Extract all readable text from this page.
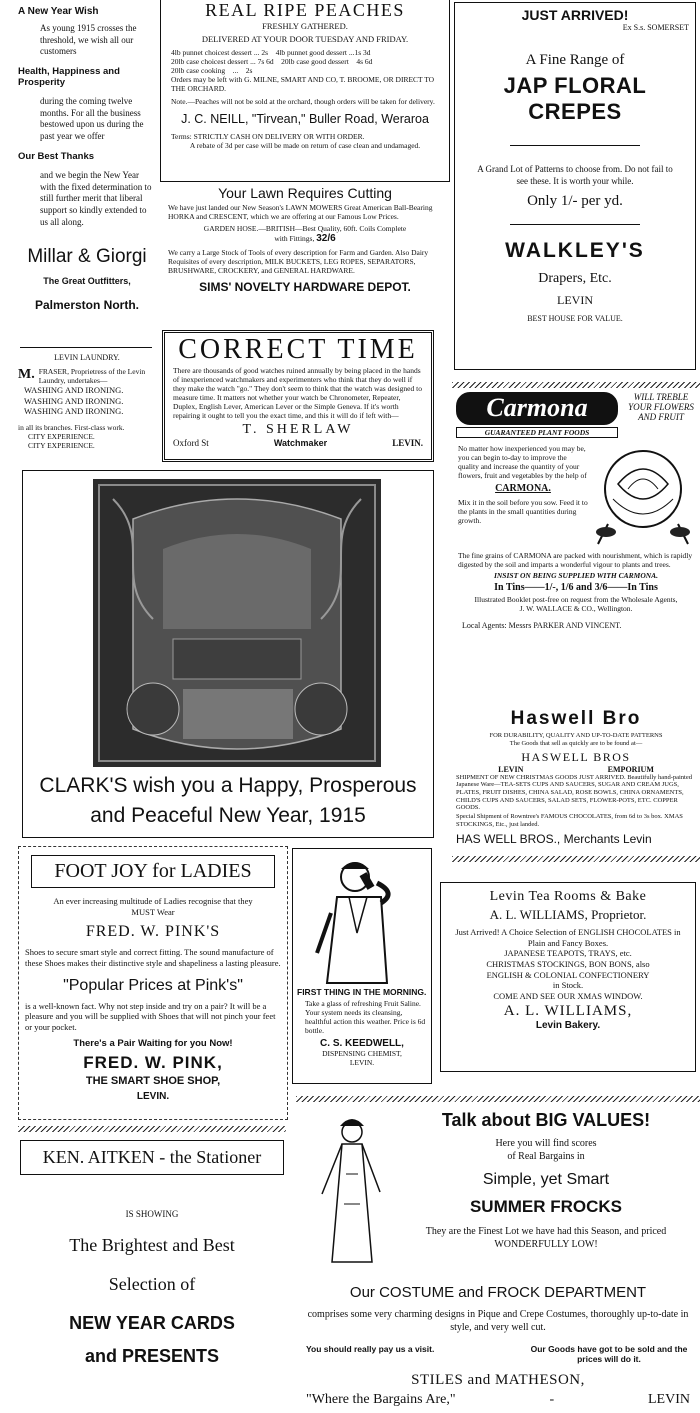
A New Year Wish

As young 1915 crosses the threshold, we wish all our customers

Health, Happiness and Prosperity

during the coming twelve months. For all the business bestowed upon us during the past year we offer

Our Best Thanks

and we begin the New Year with the fixed determination to still further merit that liberal support so kindly extended to us all along.

Millar & Giorgi

The Great Outfitters,

Palmerston North.

LEVIN LAUNDRY.

M. FRASER, Proprietress of the Levin Laundry, undertakes—

WASHING AND IRONING.

WASHING AND IRONING.

WASHING AND IRONING.

in all its branches. First-class work.

CITY EXPERIENCE.

CITY EXPERIENCE.

REAL RIPE PEACHES

FRESHLY GATHERED.

DELIVERED AT YOUR DOOR TUESDAY AND FRIDAY.

4lb punnet choicest dessert ... 2s    4lb punnet good dessert ...1s 3d

20lb case choicest dessert ... 7s 6d    20lb case good dessert    4s 6d

20lb case cooking    ...    2s

Orders may be left with G. MILNE, SMART AND CO, T. BROOME, OR DIRECT TO THE ORCHARD.

Note.—Peaches will not be sold at the orchard, though orders will be taken for delivery.

J. C. NEILL, "Tirvean," Buller Road, Weraroa

Terms: STRICTLY CASH ON DELIVERY OR WITH ORDER.

A rebate of 3d per case will be made on return of case clean and undamaged.

Your Lawn Requires Cutting

We have just landed our New Season's LAWN MOWERS Great American Ball-Bearing HORKA and CRESCENT, which we are offering at our Famous Low Prices.

GARDEN HOSE.—BRITISH—Best Quality, 60ft. Coils Complete with Fittings, 32/6

We carry a Large Stock of Tools of every description for Farm and Garden. Also Dairy Requisites of every description, MILK BUCKETS, LEG ROPES, SEPARATORS, BRUSHWARE, CROCKERY, and GENERAL HARDWARE.

SIMS' NOVELTY HARDWARE DEPOT.

CORRECT TIME

There are thousands of good watches ruined annually by being placed in the hands of inexperienced watchmakers and experimenters who think that they do well if they make the watch "go." They don't seem to think that the watch was designed to measure time. It matters not whether your watch be Chronometer, Repeater, Duplex, English Lever, American Lever or the Simple Geneva. If it's worth repairing it ought to tell you the exact time, and this it will do if left with—

T. SHERLAW

Oxford St	Watchmaker	LEVIN.

CLARK'S wish you a Happy, Prosperous
and Peaceful New Year, 1915

JUST ARRIVED!

Ex S.s. SOMERSET

A Fine Range of

JAP FLORAL CREPES

A Grand Lot of Patterns to choose from. Do not fail to see these. It is worth your while.

Only 1/- per yd.

WALKLEY'S

Drapers, Etc.

LEVIN

BEST HOUSE FOR VALUE.

Carmona

GUARANTEED PLANT FOODS

WILL TREBLE YOUR FLOWERS AND FRUIT

No matter how inexperienced you may be, you can begin to-day to improve the quality and increase the quantity of your flowers, fruit and vegetables by the help of

CARMONA.

Mix it in the soil before you sow. Feed it to the plants in the small quantities during growth.

The fine grains of CARMONA are packed with nourishment, which is rapidly digested by the soil and imparts a wonderful vigour to plants and trees.

INSIST ON BEING SUPPLIED WITH CARMONA.

In Tins——1/-, 1/6 and 3/6——In Tins

Illustrated Booklet post-free on request from the Wholesale Agents,

J. W. WALLACE & CO., Wellington.

Local Agents: Messrs PARKER AND VINCENT.

Haswell Bro

FOR DURABILITY, QUALITY AND UP-TO-DATE PATTERNS

The Goods that sell as quickly are to be found at—

HASWELL BROS

LEVIN	EMPORIUM

SHIPMENT OF NEW CHRISTMAS GOODS JUST ARRIVED. Beautifully hand-painted Japanese Ware—TEA-SETS CUPS AND SAUCERS, SUGAR AND CREAM JUGS, PLATES, FRUIT DISHES, CHINA SALAD, ROSE BOWLS, CHINA ORNAMENTS, CHILD'S CUPS AND SAUCERS, SALAD SETS, FLOWER-POTS, ETC. COPPER GOODS.

Special Shipment of Rowntree's FAMOUS CHOCOLATES, from 6d to 3s box. XMAS STOCKINGS, Etc., just landed.

HAS WELL BROS., Merchants Levin

FOOT JOY for LADIES

An ever increasing multitude of Ladies recognise that they MUST Wear

FRED. W. PINK'S

Shoes to secure smart style and correct fitting. The sound manufacture of these Shoes makes their distinctive style and shapeliness a lasting pleasure.

"Popular Prices at Pink's"

is a well-known fact. Why not step inside and try on a pair? It will be a pleasure and you will be supplied with Shoes that will not pinch your feet or your pocket.

There's a Pair Waiting for you Now!

FRED. W. PINK,

THE SMART SHOE SHOP,

LEVIN.

FIRST THING IN THE MORNING.

Take a glass of refreshing Fruit Saline. Your system needs its cleansing, healthful action this weather. Price is 6d bottle.

C. S. KEEDWELL,

DISPENSING CHEMIST,

LEVIN.

Levin Tea Rooms & Bake

A. L. WILLIAMS, Proprietor.

Just Arrived! A Choice Selection of ENGLISH CHOCOLATES in Plain and Fancy Boxes.

JAPANESE TEAPOTS, TRAYS, etc.

CHRISTMAS STOCKINGS, BON BONS, also

ENGLISH & COLONIAL CONFECTIONERY

in Stock.

COME AND SEE OUR XMAS WINDOW.

A. L. WILLIAMS,

Levin Bakery.

KEN. AITKEN - the Stationer

IS SHOWING

The Brightest and Best

Selection of

NEW YEAR CARDS

and PRESENTS

Talk about BIG VALUES!

Here you will find scores

of Real Bargains in

Simple, yet Smart

SUMMER FROCKS

They are the Finest Lot we have had this Season, and priced WONDERFULLY LOW!

Our COSTUME and FROCK DEPARTMENT

comprises some very charming designs in Pique and Crepe Costumes, thoroughly up-to-date in style, and very well cut.

You should really pay us a visit.	Our Goods have got to be sold and the prices will do it.

STILES and MATHESON,

"Where the Bargains Are,"	-	LEVIN
